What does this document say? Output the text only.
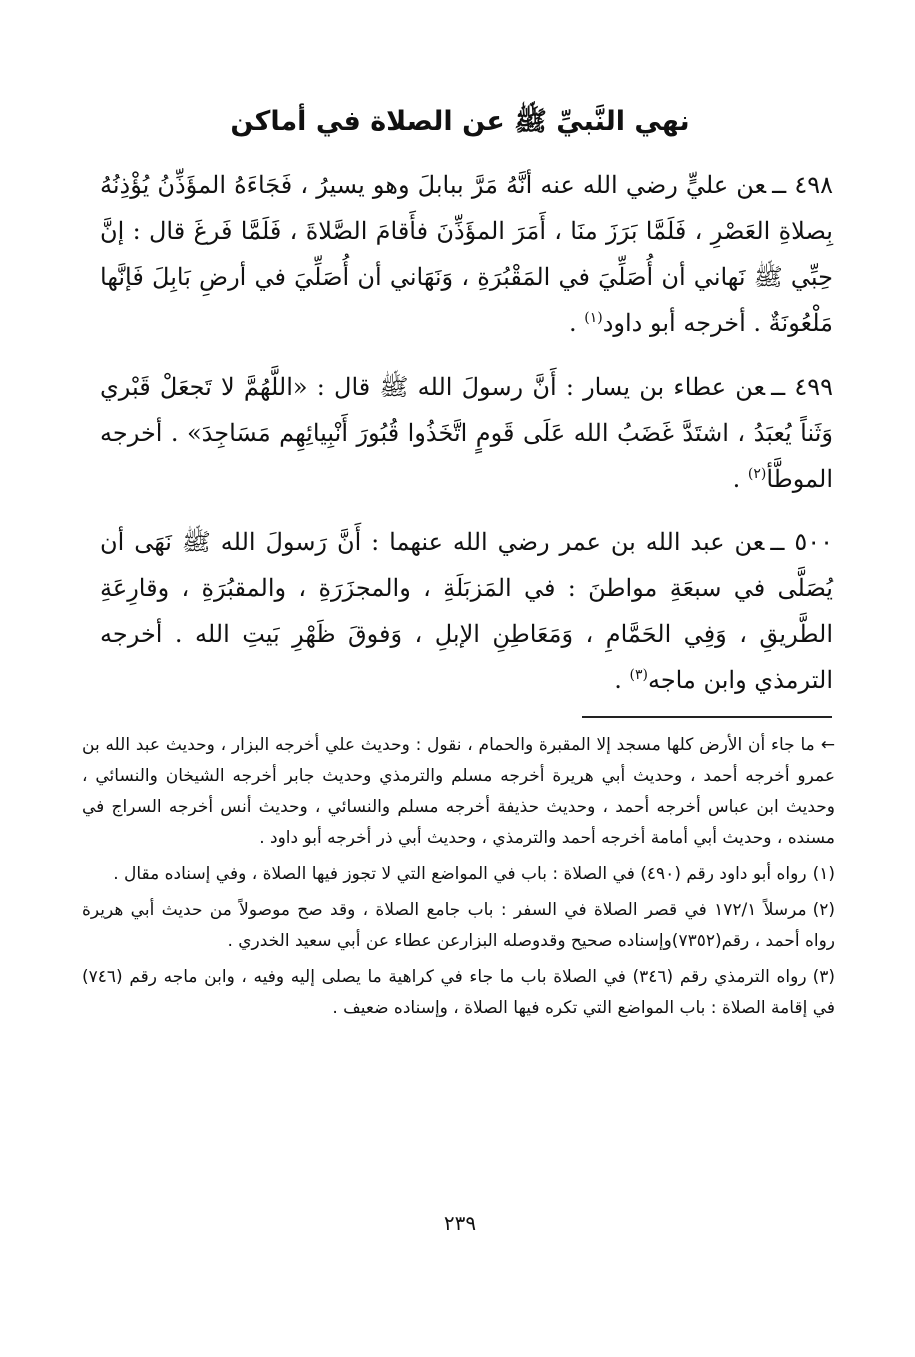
نهي النَّبيِّ ﷺ عن الصلاة في أماكن
٤٩٨ ــعن عليٍّ رضي الله عنه أنَّهُ مَرَّ ببابلَ وهو يسيرُ ، فَجَاءَهُ المؤَذِّنُ يُؤْذِنُهُ بِصلاةِ العَصْرِ ، فَلَمَّا بَرَزَ منَا ، أَمَرَ المؤَذِّنَ فأَقامَ الصَّلاةَ ، فَلَمَّا فَرغَ قال : إنَّ حِبِّي ﷺ نَهاني أن أُصَلِّيَ في المَقْبُرَةِ ، وَنَهَاني أن أُصَلِّيَ في أرضِ بَابِلَ فَإنَّها مَلْعُونَةٌ . أخرجه أبو داود$^{(١)}$ .
٤٩٩ ــعن عطاء بن يسار : أَنَّ رسولَ الله ﷺ قال : «اللَّهُمَّ لا تَجعَلْ قَبْري وَثَناً يُعبَدُ ، اشتَدَّ غَضَبُ الله عَلَى قَومٍ اتَّخَذُوا قُبُورَ أَنْبِيائِهِم مَسَاجِدَ» . أخرجه الموطَّأ$^{(٢)}$ .
٥٠٠ ــعن عبد الله بن عمر رضي الله عنهما : أَنَّ رَسولَ الله ﷺ نَهَى أن يُصَلَّى في سبعَةِ مواطنَ : في المَزبَلَةِ ، والمجزَرَةِ ، والمقبُرَةِ ، وقارِعَةِ الطَّريقِ ، وَفِي الحَمَّامِ ، وَمَعَاطِنِ الإبلِ ، وَفوقَ ظَهْرِ بَيتِ الله . أخرجه الترمذي وابن ماجه$^{(٣)}$ .
←ما جاء أن الأرض كلها مسجد إلا المقبرة والحمام ، نقول : وحديث علي أخرجه البزار ، وحديث عبد الله بن عمرو أخرجه أحمد ، وحديث أبي هريرة أخرجه مسلم والترمذي وحديث جابر أخرجه الشيخان والنسائي ، وحديث ابن عباس أخرجه أحمد ، وحديث حذيفة أخرجه مسلم والنسائي ، وحديث أنس أخرجه السراج في مسنده ، وحديث أبي أمامة أخرجه أحمد والترمذي ، وحديث أبي ذر أخرجه أبو داود .
(١)رواه أبو داود رقم (٤٩٠) في الصلاة : باب في المواضع التي لا تجوز فيها الصلاة ، وفي إسناده مقال .
(٢)مرسلاً ١٧٢/١ في قصر الصلاة في السفر : باب جامع الصلاة ، وقد صح موصولاً من حديث أبي هريرة رواه أحمد ، رقم(٧٣٥٢)وإسناده صحيح وقدوصله البزارعن عطاء عن أبي سعيد الخدري .
(٣)رواه الترمذي رقم (٣٤٦) في الصلاة باب ما جاء في كراهية ما يصلى إليه وفيه ، وابن ماجه رقم (٧٤٦) في إقامة الصلاة : باب المواضع التي تكره فيها الصلاة ، وإسناده ضعيف .
٢٣٩
